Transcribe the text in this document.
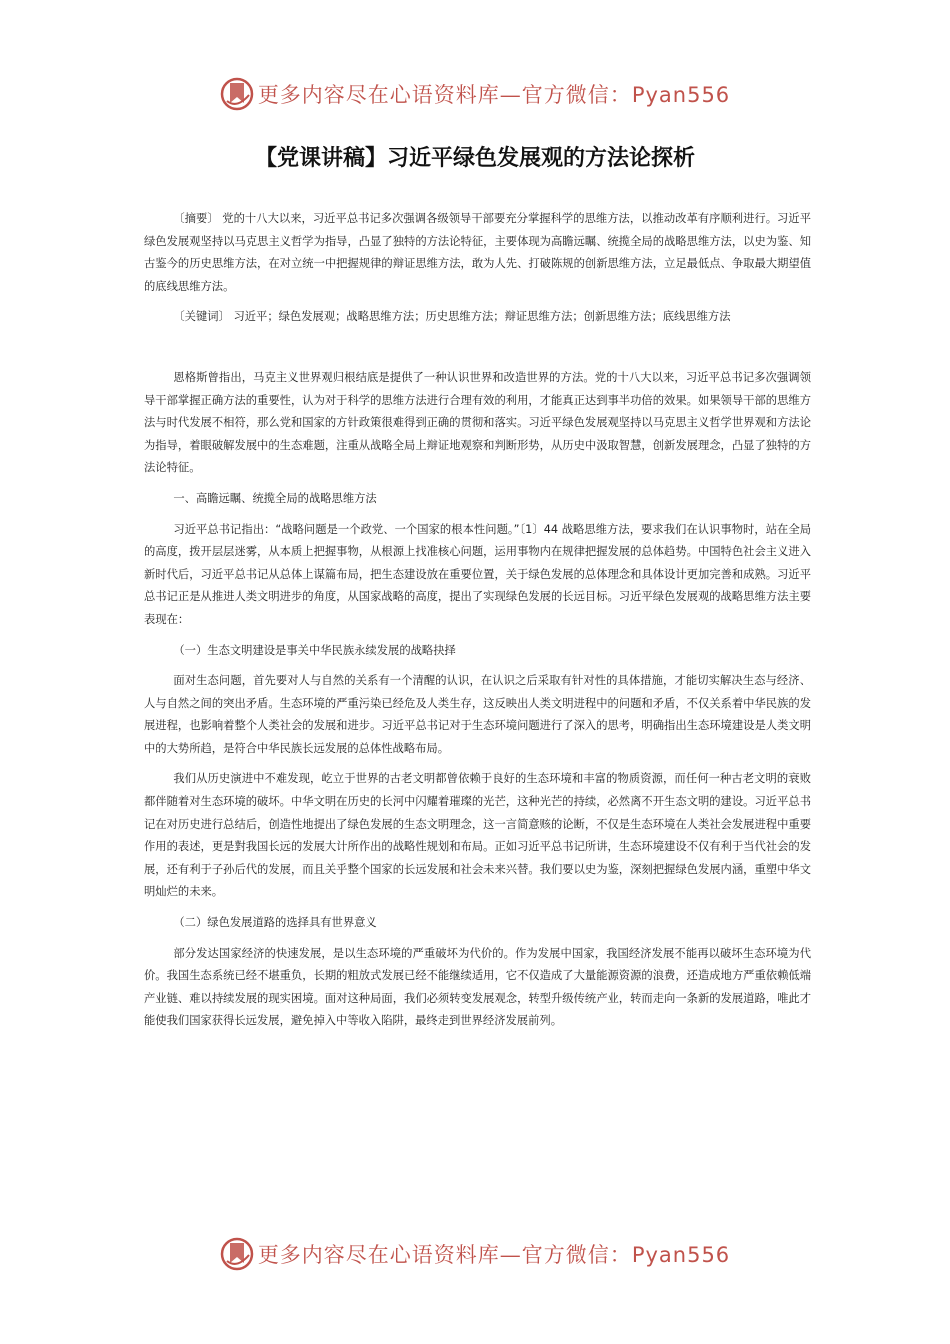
更多内容尽在心语资料库—官方微信：Pyan556
【党课讲稿】习近平绿色发展观的方法论探析

〔摘要〕 党的十八大以来，习近平总书记多次强调各级领导干部要充分掌握科学的思维方法，以推动改革有序顺利进行。习近平绿色发展观坚持以马克思主义哲学为指导，凸显了独特的方法论特征，主要体现为高瞻远瞩、统揽全局的战略思维方法，以史为鉴、知古鉴今的历史思维方法，在对立统一中把握规律的辩证思维方法，敢为人先、打破陈规的创新思维方法，立足最低点、争取最大期望值的底线思维方法。

〔关键词〕 习近平；绿色发展观；战略思维方法；历史思维方法；辩证思维方法；创新思维方法；底线思维方法

恩格斯曾指出，马克主义世界观归根结底是提供了一种认识世界和改造世界的方法。党的十八大以来，习近平总书记多次强调领导干部掌握正确方法的重要性，认为对于科学的思维方法进行合理有效的利用，才能真正达到事半功倍的效果。如果领导干部的思维方法与时代发展不相符，那么党和国家的方针政策很难得到正确的贯彻和落实。习近平绿色发展观坚持以马克思主义哲学世界观和方法论为指导，着眼破解发展中的生态难题，注重从战略全局上辩证地观察和判断形势，从历史中汲取智慧，创新发展理念，凸显了独特的方法论特征。

一、高瞻远瞩、统揽全局的战略思维方法

习近平总书记指出：“战略问题是一个政党、一个国家的根本性问题。”〔1〕44 战略思维方法，要求我们在认识事物时，站在全局的高度，拨开层层迷雾，从本质上把握事物，从根源上找准核心问题，运用事物内在规律把握发展的总体趋势。中国特色社会主义进入新时代后，习近平总书记从总体上谋篇布局，把生态建设放在重要位置，关于绿色发展的总体理念和具体设计更加完善和成熟。习近平总书记正是从推进人类文明进步的角度，从国家战略的高度，提出了实现绿色发展的长远目标。习近平绿色发展观的战略思维方法主要表现在：

（一）生态文明建设是事关中华民族永续发展的战略抉择

面对生态问题，首先要对人与自然的关系有一个清醒的认识，在认识之后采取有针对性的具体措施，才能切实解决生态与经济、人与自然之间的突出矛盾。生态环境的严重污染已经危及人类生存，这反映出人类文明进程中的问题和矛盾，不仅关系着中华民族的发展进程，也影响着整个人类社会的发展和进步。习近平总书记对于生态环境问题进行了深入的思考，明确指出生态环境建设是人类文明中的大势所趋，是符合中华民族长远发展的总体性战略布局。

我们从历史演进中不难发现，屹立于世界的古老文明都曾依赖于良好的生态环境和丰富的物质资源，而任何一种古老文明的衰败都伴随着对生态环境的破坏。中华文明在历史的长河中闪耀着璀璨的光芒，这种光芒的持续，必然离不开生态文明的建设。习近平总书记在对历史进行总结后，创造性地提出了绿色发展的生态文明理念，这一言简意赅的论断，不仅是生态环境在人类社会发展进程中重要作用的表述，更是對我国长远的发展大计所作出的战略性规划和布局。正如习近平总书记所讲，生态环境建设不仅有利于当代社会的发展，还有利于子孙后代的发展，而且关乎整个国家的长远发展和社会未来兴替。我们要以史为鉴，深刻把握绿色发展内涵，重塑中华文明灿烂的未来。

（二）绿色发展道路的选择具有世界意义

部分发达国家经济的快速发展，是以生态环境的严重破坏为代价的。作为发展中国家，我国经济发展不能再以破坏生态环境为代价。我国生态系统已经不堪重负，长期的粗放式发展已经不能继续适用，它不仅造成了大量能源资源的浪费，还造成地方严重依赖低端产业链、难以持续发展的现实困境。面对这种局面，我们必须转变发展观念，转型升级传统产业，转而走向一条新的发展道路，唯此才能使我们国家获得长远发展，避免掉入中等收入陷阱，最终走到世界经济发展前列。

更多内容尽在心语资料库—官方微信：Pyan556
